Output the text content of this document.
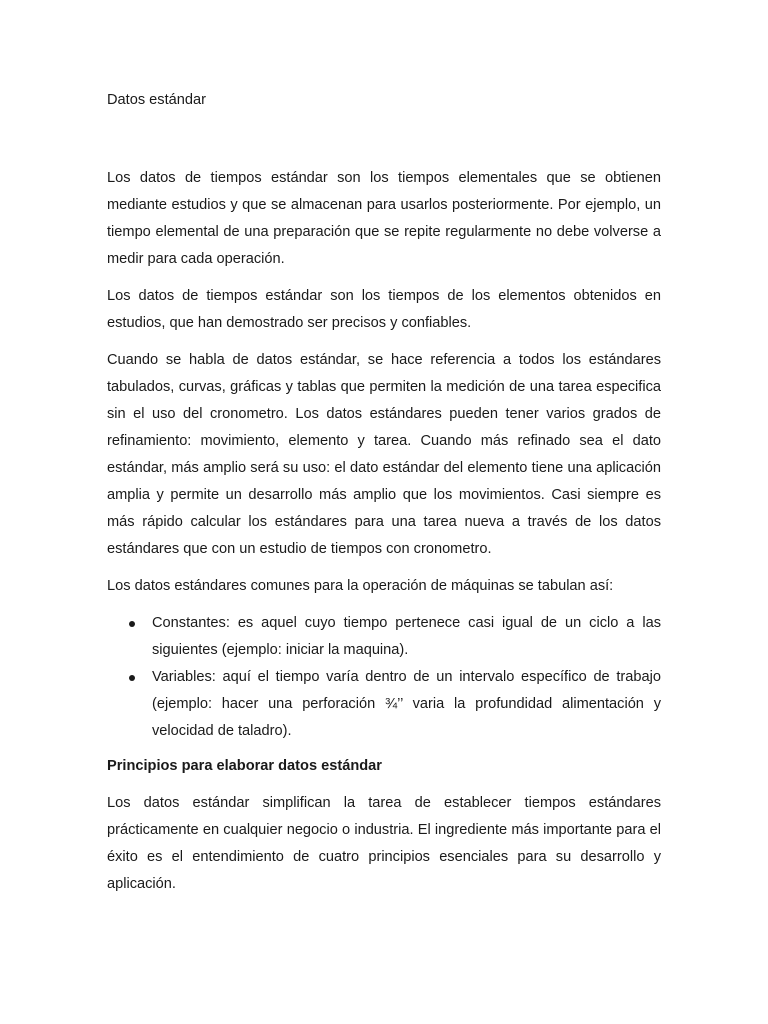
Datos estándar

Los datos de tiempos estándar son los tiempos elementales que se obtienen mediante estudios y que se almacenan para usarlos posteriormente. Por ejemplo, un tiempo elemental de una preparación que se repite regularmente no debe volverse a medir para cada operación.

Los datos de tiempos estándar son los tiempos de los elementos obtenidos en estudios, que han demostrado ser precisos y confiables.

Cuando se habla de datos estándar, se hace referencia a todos los estándares tabulados, curvas, gráficas y tablas que permiten la medición de una tarea especifica sin el uso del cronometro. Los datos estándares pueden tener varios grados de refinamiento: movimiento, elemento y tarea. Cuando más refinado sea el dato estándar, más amplio será su uso: el dato estándar del elemento tiene una aplicación amplia y permite un desarrollo más amplio que los movimientos. Casi siempre es más rápido calcular los estándares para una tarea nueva a través de los datos estándares que con un estudio de tiempos con cronometro.

Los datos estándares comunes para la operación de máquinas se tabulan así:

Constantes: es aquel cuyo tiempo pertenece casi igual de un ciclo a las siguientes (ejemplo: iniciar la maquina).
Variables: aquí el tiempo varía dentro de un intervalo específico de trabajo (ejemplo: hacer una perforación ¾’’ varia la profundidad alimentación y velocidad de taladro).
Principios para elaborar datos estándar

Los datos estándar simplifican la tarea de establecer tiempos estándares prácticamente en cualquier negocio o industria. El ingrediente más importante para el éxito es el entendimiento de cuatro principios esenciales para su desarrollo y aplicación.
